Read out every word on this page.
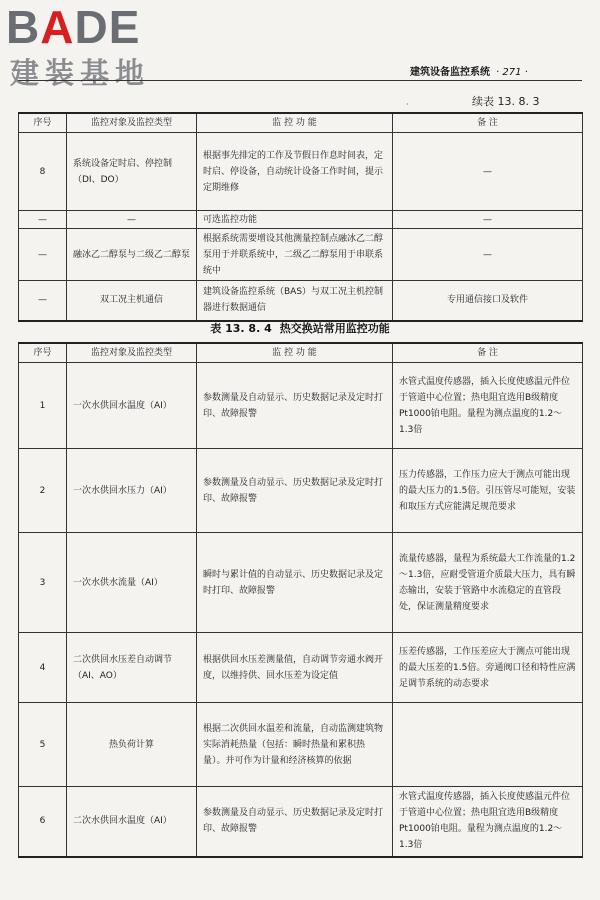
BADE
建装基地	建筑设备监控系统 · 271 ·
·	续表 13. 8. 3
序号	监控对象及监控类型	监 控 功 能	备 注
8	系统设备定时启、停控制（DI、DO）	根据事先排定的工作及节假日作息时间表，定时启、停设备，自动统计设备工作时间，提示定期维修	—
—	—	可选监控功能	—
—	融冰乙二醇泵与二级乙二醇泵	根据系统需要增设其他测量控制点融冰乙二醇泵用于并联系统中，二级乙二醇泵用于串联系统中	—
—	双工况主机通信	建筑设备监控系统（BAS）与双工况主机控制器进行数据通信	专用通信接口及软件
表 13. 8. 4 热交换站常用监控功能
序号	监控对象及监控类型	监 控 功 能	备 注
1	一次水供回水温度（AI）	参数测量及自动显示、历史数据记录及定时打印、故障报警	水管式温度传感器，插入长度使感温元件位于管道中心位置；热电阻宜选用B级精度Pt1000铂电阻。量程为测点温度的1.2～1.3倍
2	一次水供回水压力（AI）	参数测量及自动显示、历史数据记录及定时打印、故障报警	压力传感器，工作压力应大于测点可能出现的最大压力的1.5倍。引压管尽可能短，安装和取压方式应能满足规范要求
3	一次水供水流量（AI）	瞬时与累计值的自动显示、历史数据记录及定时打印、故障报警	流量传感器，量程为系统最大工作流量的1.2～1.3倍，应耐受管道介质最大压力，具有瞬态输出，安装于管路中水流稳定的直管段处，保证测量精度要求
4	二次供回水压差自动调节（AI、AO）	根据供回水压差测量值，自动调节旁通水阀开度，以维持供、回水压差为设定值	压差传感器，工作压差应大于测点可能出现的最大压差的1.5倍。旁通阀口径和特性应满足调节系统的动态要求
5	热负荷计算	根据二次供回水温差和流量，自动监测建筑物实际消耗热量（包括：瞬时热量和累积热量）。并可作为计量和经济核算的依据	
6	二次水供回水温度（AI）	参数测量及自动显示、历史数据记录及定时打印、故障报警	水管式温度传感器，插入长度使感温元件位于管道中心位置；热电阻宜选用B级精度Pt1000铂电阻。量程为测点温度的1.2～1.3倍
